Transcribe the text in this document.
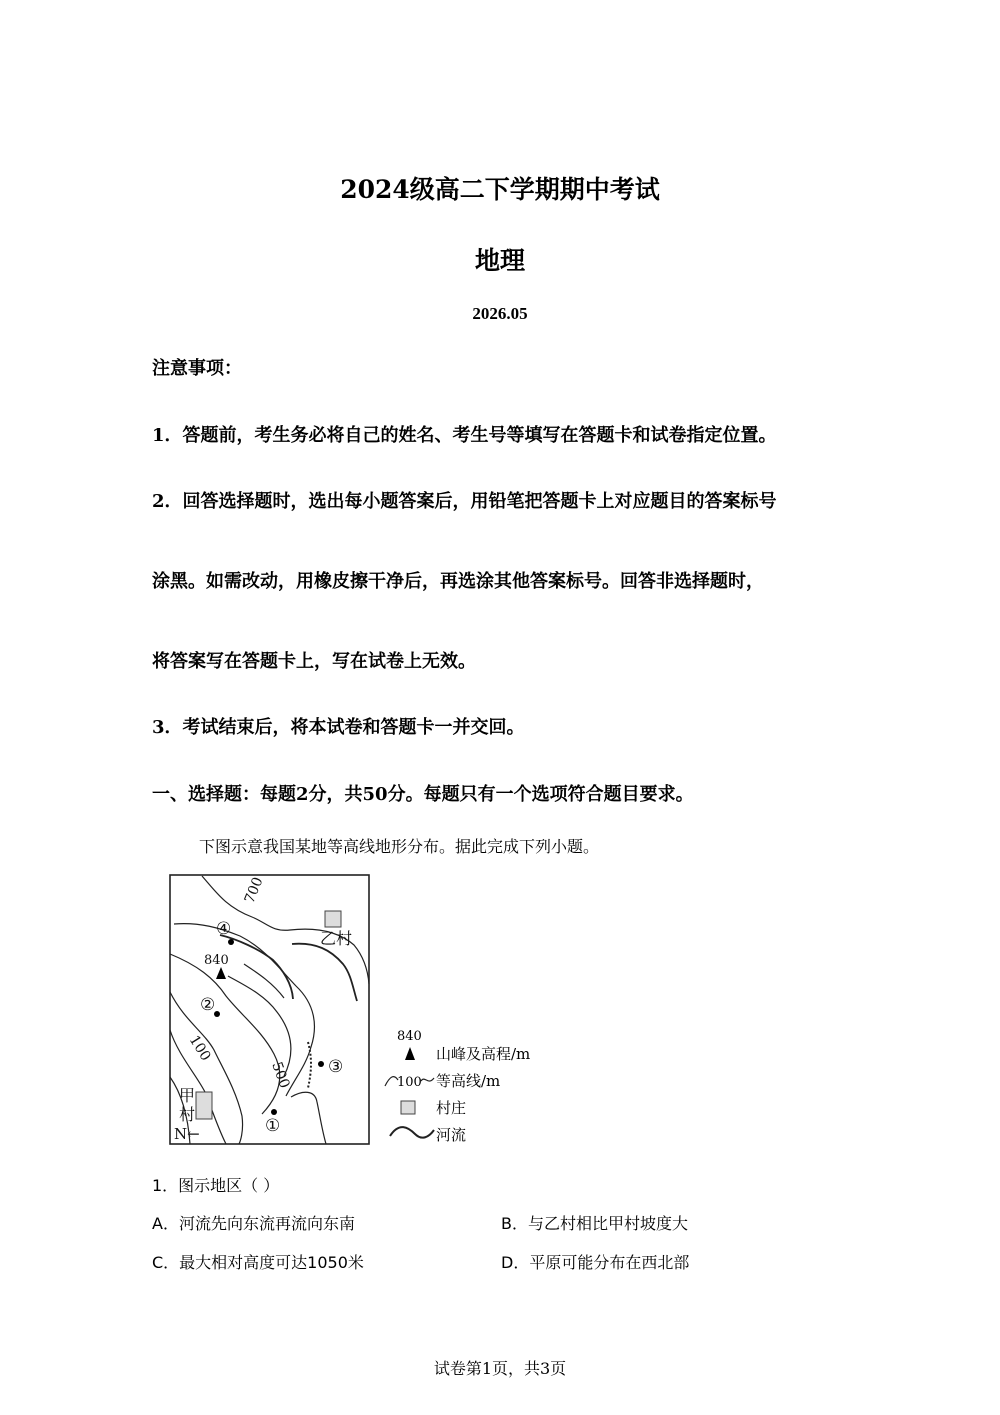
2024级高二下学期期中考试
地理
2026.05
注意事项：
1．答题前，考生务必将自己的姓名、考生号等填写在答题卡和试卷指定位置。
2．回答选择题时，选出每小题答案后，用铅笔把答题卡上对应题目的答案标号
涂黑。如需改动，用橡皮擦干净后，再选涂其他答案标号。回答非选择题时，
将答案写在答题卡上，写在试卷上无效。
3．考试结束后，将本试卷和答题卡一并交回。
一、选择题：每题2分，共50分。每题只有一个选项符合题目要求。
下图示意我国某地等高线地形分布。据此完成下列小题。
700
500
100
840
①
②
③
④	乙村
甲
村
N←
840
山峰及高程/m
100 等高线/m
村庄
河流
1．图示地区（ ）
A．河流先向东流再流向东南	B．与乙村相比甲村坡度大
C．最大相对高度可达1050米	D．平原可能分布在西北部
试卷第1页，共3页
